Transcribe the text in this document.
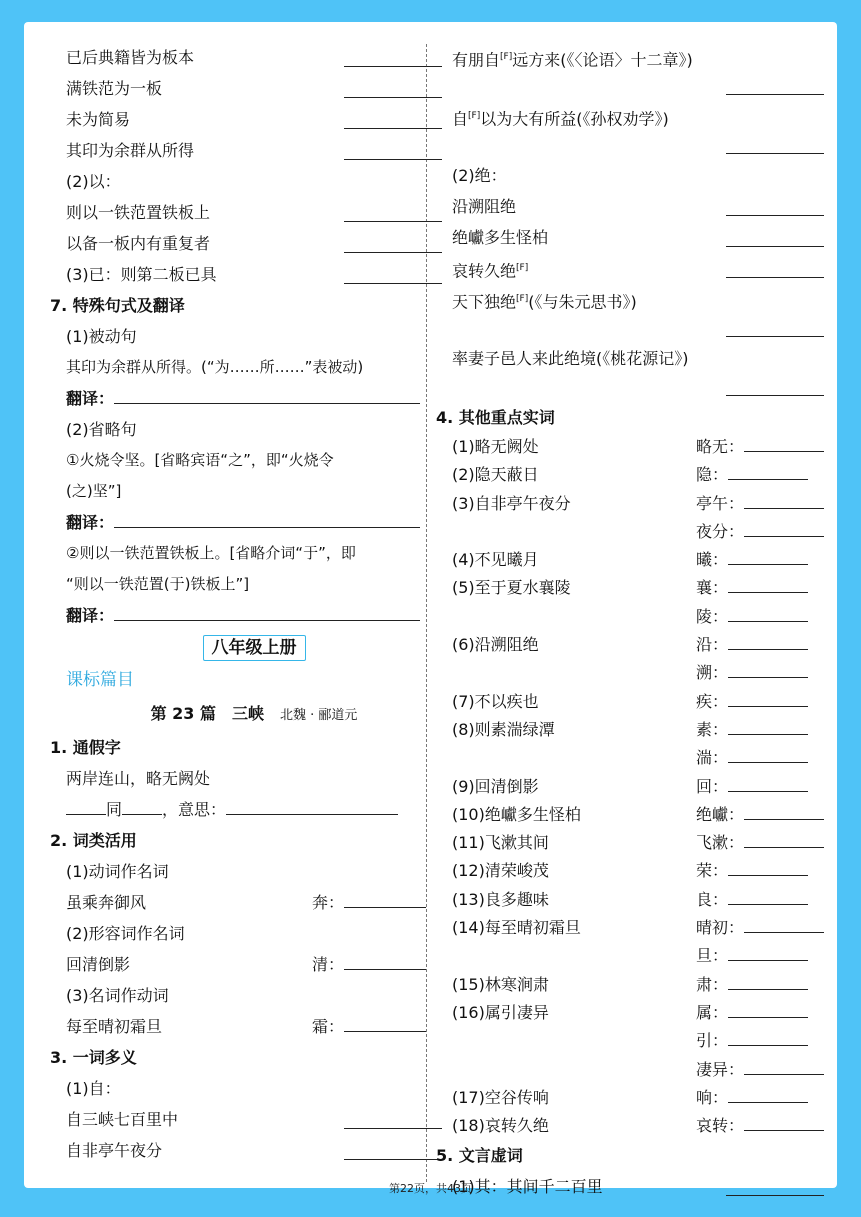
已后典籍皆为板本
满铁范为一板
未为简易
其印为余群从所得
(2)以：
则以一铁范置铁板上
以备一板内有重复者
(3)已：则第二板已具
7. 特殊句式及翻译
(1)被动句
其印为余群从所得。(“为……所……”表被动)
翻译：
(2)省略句
①火烧令坚。[省略宾语“之”，即“火烧令
(之)坚”]
翻译：
②则以一铁范置铁板上。[省略介词“于”，即
“则以一铁范置(于)铁板上”]
翻译：
八年级上册
课标篇目
第 23 篇　三峡　 北魏 · 郦道元
1. 通假字
两岸连山，略无阙处
同	，意思：
2. 词类活用
(1)动词作名词
虽乘奔御风	奔：
(2)形容词作名词
回清倒影	清：
(3)名词作动词
每至晴初霜旦	霜：
3. 一词多义
(1)自：
自三峡七百里中
自非亭午夜分
有朋自[F]远方来(《〈论语〉十二章》)
自[F]以为大有所益(《孙权劝学》)
(2)绝：
沿溯阻绝
绝巘多生怪柏
哀转久绝[F]
天下独绝[F](《与朱元思书》)
率妻子邑人来此绝境(《桃花源记》)
4. 其他重点实词
(1)略无阙处	略无：
(2)隐天蔽日	隐：
(3)自非亭午夜分	亭午：
夜分：
(4)不见曦月	曦：
(5)至于夏水襄陵	襄：
陵：
(6)沿溯阻绝	沿：
溯：
(7)不以疾也	疾：
(8)则素湍绿潭	素：
湍：
(9)回清倒影	回：
(10)绝巘多生怪柏	绝巘：
(11)飞漱其间	飞漱：
(12)清荣峻茂	荣：
(13)良多趣味	良：
(14)每至晴初霜旦	晴初：
旦：
(15)林寒涧肃	肃：
(16)属引凄异	属：
引：
凄异：
(17)空谷传响	响：
(18)哀转久绝	哀转：
5. 文言虚词
(1)其：其间千二百里
第22页，共43页
